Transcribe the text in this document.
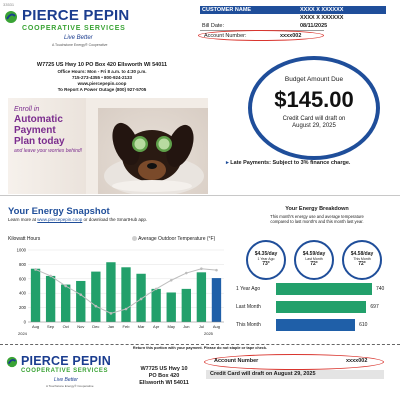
33531
PIERCE PEPIN
COOPERATIVE SERVICES
Live Better
A Touchstone Energy® Cooperative
W7725 US Hwy 10 PO Box 420 Ellsworth WI 54011
Office Hours: Mon - Fri 8 a.m. to 4:30 p.m.
715-273-4355 • 800-924-2133
www.piercepepin.coop
To Report A Power Outage (800) 927-5705
CUSTOMER NAME	XXXX X XXXXXX
XXXX X XXXXXX
Bill Date:	08/11/2025
Account Number:	xxxx002
Enroll in
Automatic
Payment
Plan today
and leave your worries behind!
Budget Amount Due
$145.00
Credit Card will draft on
August 29, 2025
▸ Late Payments: Subject to 3% finance charge.
Your Energy Snapshot
Learn more at www.piercepepin.coop or download the SmartHub app.
Kilowatt Hours	Average Outdoor Temperature (°F)
0
200
400
600
800
1000
Aug Sep Oct Nov Dec Jan Feb Mar Apr May Jun Jul Aug
2024	2025
Your Energy Breakdown
This month's energy use and average temperature
compared to last month's and this month last year.
$4.35/day
1 Year Ago
73°
$4.59/day
Last Month
72°
$4.58/day
This Month
72°
1 Year Ago
Last Month
This Month
740
697
610
Return this portion with your payment. Please do not staple or tape check.
PIERCE PEPIN
COOPERATIVE SERVICES
Live Better
A Touchstone Energy® Cooperative
W7725 US Hwy 10
PO Box 420
Ellsworth WI 54011
Account Number	xxxx002
Credit Card will draft on August 29, 2025
